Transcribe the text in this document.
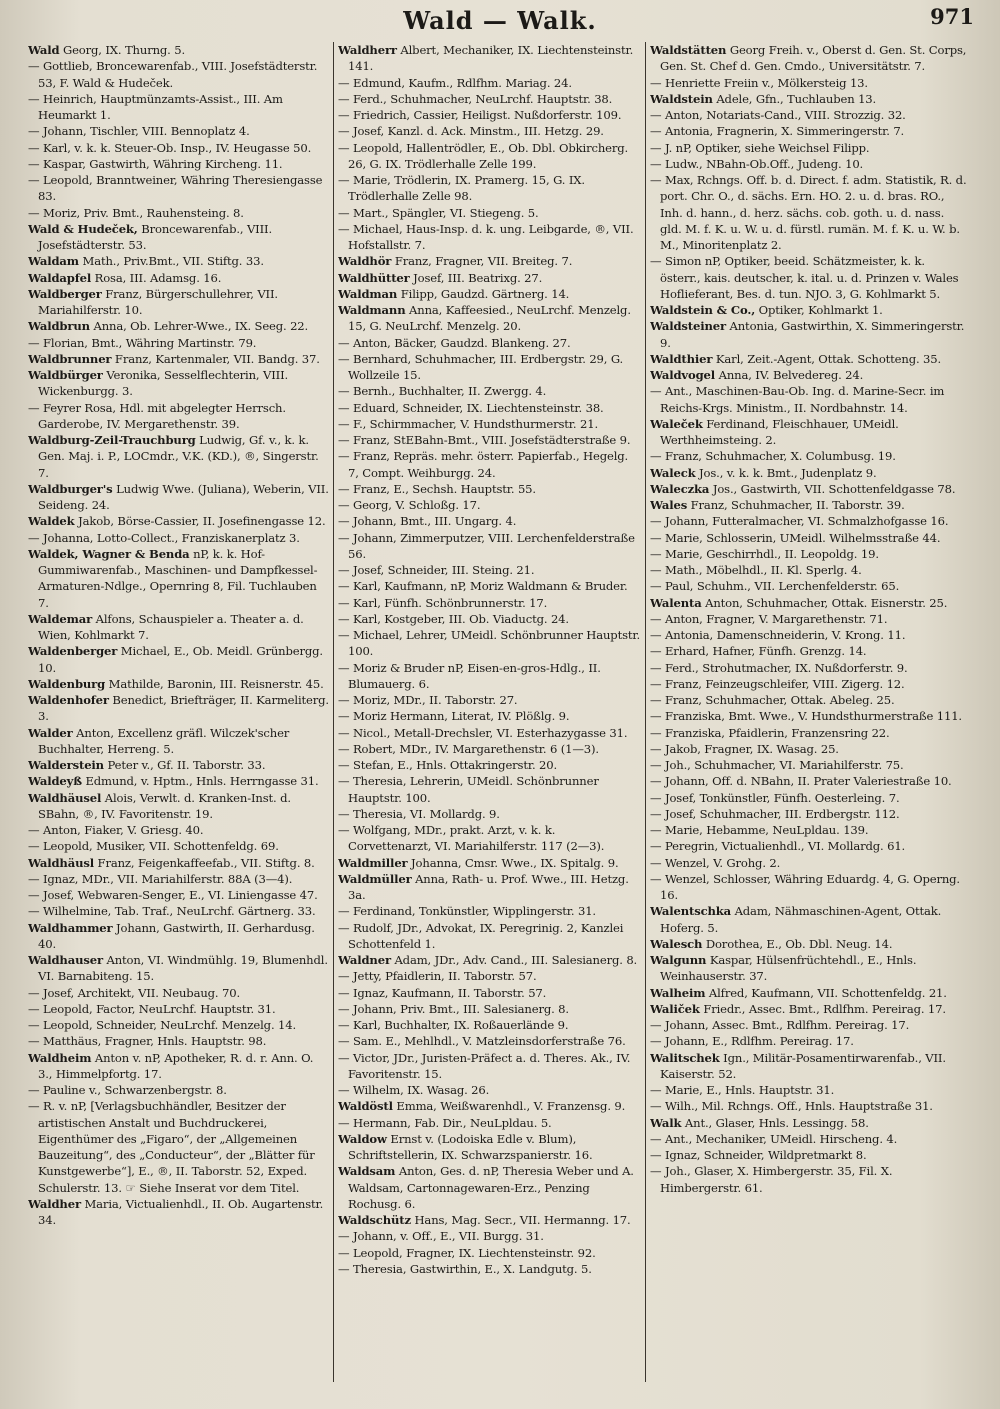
Wald — Walk.	971
Wald Georg, IX. Thurng. 5.
— Gottlieb, Broncewarenfab., VIII. Josefstädterstr. 53, F. Wald & Hudeček.
— Heinrich, Hauptmünzamts-Assist., III. Am Heumarkt 1.
— Johann, Tischler, VIII. Bennoplatz 4.
— Karl, v. k. k. Steuer-Ob. Insp., IV. Heugasse 50.
— Kaspar, Gastwirth, Währing Kircheng. 11.
— Leopold, Branntweiner, Währing Theresiengasse 83.
— Moriz, Priv. Bmt., Rauhensteing. 8.
Wald & Hudeček, Broncewarenfab., VIII. Josefstädterstr. 53.
Waldam Math., Priv.Bmt., VII. Stiftg. 33.
Waldapfel Rosa, III. Adamsg. 16.
Waldberger Franz, Bürgerschullehrer, VII. Mariahilferstr. 10.
Waldbrun Anna, Ob. Lehrer-Wwe., IX. Seeg. 22.
— Florian, Bmt., Währing Martinstr. 79.
Waldbrunner Franz, Kartenmaler, VII. Bandg. 37.
Waldbürger Veronika, Sesselflechterin, VIII. Wickenburgg. 3.
— Feyrer Rosa, Hdl. mit abgelegter Herrsch. Garderobe, IV. Mergarethenstr. 39.
Waldburg-Zeil-Trauchburg Ludwig, Gf. v., k. k. Gen. Maj. i. P., LOCmdr., V.K. (KD.), ®, Singerstr. 7.
Waldburger's Ludwig Wwe. (Juliana), Weberin, VII. Seideng. 24.
Waldek Jakob, Börse-Cassier, II. Josefinengasse 12.
— Johanna, Lotto-Collect., Franziskanerplatz 3.
Waldek, Wagner & Benda nP, k. k. Hof-Gummiwarenfab., Maschinen- und Dampfkessel-Armaturen-Ndlge., Opernring 8, Fil. Tuchlauben 7.
Waldemar Alfons, Schauspieler a. Theater a. d. Wien, Kohlmarkt 7.
Waldenberger Michael, E., Ob. Meidl. Grünbergg. 10.
Waldenburg Mathilde, Baronin, III. Reisnerstr. 45.
Waldenhofer Benedict, Briefträger, II. Karmeliterg. 3.
Walder Anton, Excellenz gräfl. Wilczek'scher Buchhalter, Herreng. 5.
Walderstein Peter v., Gf. II. Taborstr. 33.
Waldeyß Edmund, v. Hptm., Hnls. Herrngasse 31.
Waldhäusel Alois, Verwlt. d. Kranken-Inst. d. SBahn, ®, IV. Favoritenstr. 19.
— Anton, Fiaker, V. Griesg. 40.
— Leopold, Musiker, VII. Schottenfeldg. 69.
Waldhäusl Franz, Feigenkaffeefab., VII. Stiftg. 8.
— Ignaz, MDr., VII. Mariahilferstr. 88A (3—4).
— Josef, Webwaren-Senger, E., VI. Liniengasse 47.
— Wilhelmine, Tab. Traf., NeuLrchf. Gärtnerg. 33.
Waldhammer Johann, Gastwirth, II. Gerhardusg. 40.
Waldhauser Anton, VI. Windmühlg. 19, Blumenhdl. VI. Barnabiteng. 15.
— Josef, Architekt, VII. Neubaug. 70.
— Leopold, Factor, NeuLrchf. Hauptstr. 31.
— Leopold, Schneider, NeuLrchf. Menzelg. 14.
— Matthäus, Fragner, Hnls. Hauptstr. 98.
Waldheim Anton v. nP, Apotheker, R. d. r. Ann. O. 3., Himmelpfortg. 17.
— Pauline v., Schwarzenbergstr. 8.
— R. v. nP, [Verlagsbuchhändler, Besitzer der artistischen Anstalt und Buchdruckerei, Eigenthümer des „Figaro“, der „Allgemeinen Bauzeitung“, des „Conducteur“, der „Blätter für Kunstgewerbe“], E., ®, II. Taborstr. 52, Exped. Schulerstr. 13. ☞ Siehe Inserat vor dem Titel.
Waldher Maria, Victualienhdl., II. Ob. Augartenstr. 34.
Waldherr Albert, Mechaniker, IX. Liechtensteinstr. 141.
— Edmund, Kaufm., Rdlfhm. Mariag. 24.
— Ferd., Schuhmacher, NeuLrchf. Hauptstr. 38.
— Friedrich, Cassier, Heiligst. Nußdorferstr. 109.
— Josef, Kanzl. d. Ack. Minstm., III. Hetzg. 29.
— Leopold, Hallentrödler, E., Ob. Dbl. Obkircherg. 26, G. IX. Trödlerhalle Zelle 199.
— Marie, Trödlerin, IX. Pramerg. 15, G. IX. Trödlerhalle Zelle 98.
— Mart., Spängler, VI. Stiegeng. 5.
— Michael, Haus-Insp. d. k. ung. Leibgarde, ®, VII. Hofstallstr. 7.
Waldhör Franz, Fragner, VII. Breiteg. 7.
Waldhütter Josef, III. Beatrixg. 27.
Waldman Filipp, Gaudzd. Gärtnerg. 14.
Waldmann Anna, Kaffeesied., NeuLrchf. Menzelg. 15, G. NeuLrchf. Menzelg. 20.
— Anton, Bäcker, Gaudzd. Blankeng. 27.
— Bernhard, Schuhmacher, III. Erdbergstr. 29, G. Wollzeile 15.
— Bernh., Buchhalter, II. Zwergg. 4.
— Eduard, Schneider, IX. Liechtensteinstr. 38.
— F., Schirmmacher, V. Hundsthurmerstr. 21.
— Franz, StEBahn-Bmt., VIII. Josefstädterstraße 9.
— Franz, Repräs. mehr. österr. Papierfab., Hegelg. 7, Compt. Weihburgg. 24.
— Franz, E., Sechsh. Hauptstr. 55.
— Georg, V. Schloßg. 17.
— Johann, Bmt., III. Ungarg. 4.
— Johann, Zimmerputzer, VIII. Lerchenfelderstraße 56.
— Josef, Schneider, III. Steing. 21.
— Karl, Kaufmann, nP, Moriz Waldmann & Bruder.
— Karl, Fünfh. Schönbrunnerstr. 17.
— Karl, Kostgeber, III. Ob. Viaductg. 24.
— Michael, Lehrer, UMeidl. Schönbrunner Hauptstr. 100.
— Moriz & Bruder nP, Eisen-en-gros-Hdlg., II. Blumauerg. 6.
— Moriz, MDr., II. Taborstr. 27.
— Moriz Hermann, Literat, IV. Plößlg. 9.
— Nicol., Metall-Drechsler, VI. Esterhazygasse 31.
— Robert, MDr., IV. Margarethenstr. 6 (1—3).
— Stefan, E., Hnls. Ottakringerstr. 20.
— Theresia, Lehrerin, UMeidl. Schönbrunner Hauptstr. 100.
— Theresia, VI. Mollardg. 9.
— Wolfgang, MDr., prakt. Arzt, v. k. k. Corvettenarzt, VI. Mariahilferstr. 117 (2—3).
Waldmiller Johanna, Cmsr. Wwe., IX. Spitalg. 9.
Waldmüller Anna, Rath- u. Prof. Wwe., III. Hetzg. 3a.
— Ferdinand, Tonkünstler, Wipplingerstr. 31.
— Rudolf, JDr., Advokat, IX. Peregrinig. 2, Kanzlei Schottenfeld 1.
Waldner Adam, JDr., Adv. Cand., III. Salesianerg. 8.
— Jetty, Pfaidlerin, II. Taborstr. 57.
— Ignaz, Kaufmann, II. Taborstr. 57.
— Johann, Priv. Bmt., III. Salesianerg. 8.
— Karl, Buchhalter, IX. Roßauerlände 9.
— Sam. E., Mehlhdl., V. Matzleinsdorferstraße 76.
— Victor, JDr., Juristen-Präfect a. d. Theres. Ak., IV. Favoritenstr. 15.
— Wilhelm, IX. Wasag. 26.
Waldöstl Emma, Weißwarenhdl., V. Franzensg. 9.
— Hermann, Fab. Dir., NeuLpldau. 5.
Waldow Ernst v. (Lodoiska Edle v. Blum), Schriftstellerin, IX. Schwarzspanierstr. 16.
Waldsam Anton, Ges. d. nP, Theresia Weber und A. Waldsam, Cartonnagewaren-Erz., Penzing Rochusg. 6.
Waldschütz Hans, Mag. Secr., VII. Hermanng. 17.
— Johann, v. Off., E., VII. Burgg. 31.
— Leopold, Fragner, IX. Liechtensteinstr. 92.
— Theresia, Gastwirthin, E., X. Landgutg. 5.
Waldstätten Georg Freih. v., Oberst d. Gen. St. Corps, Gen. St. Chef d. Gen. Cmdo., Universitätstr. 7.
— Henriette Freiin v., Mölkersteig 13.
Waldstein Adele, Gfn., Tuchlauben 13.
— Anton, Notariats-Cand., VIII. Strozzig. 32.
— Antonia, Fragnerin, X. Simmeringerstr. 7.
— J. nP, Optiker, siehe Weichsel Filipp.
— Ludw., NBahn-Ob.Off., Judeng. 10.
— Max, Rchngs. Off. b. d. Direct. f. adm. Statistik, R. d. port. Chr. O., d. sächs. Ern. HO. 2. u. d. bras. RO., Inh. d. hann., d. herz. sächs. cob. goth. u. d. nass. gld. M. f. K. u. W. u. d. fürstl. rumän. M. f. K. u. W. b. M., Minoritenplatz 2.
— Simon nP, Optiker, beeid. Schätzmeister, k. k. österr., kais. deutscher, k. ital. u. d. Prinzen v. Wales Hoflieferant, Bes. d. tun. NJO. 3, G. Kohlmarkt 5.
Waldstein & Co., Optiker, Kohlmarkt 1.
Waldsteiner Antonia, Gastwirthin, X. Simmeringerstr. 9.
Waldthier Karl, Zeit.-Agent, Ottak. Schotteng. 35.
Waldvogel Anna, IV. Belvedereg. 24.
— Ant., Maschinen-Bau-Ob. Ing. d. Marine-Secr. im Reichs-Krgs. Ministm., II. Nordbahnstr. 14.
Waleček Ferdinand, Fleischhauer, UMeidl. Werthheimsteing. 2.
— Franz, Schuhmacher, X. Columbusg. 19.
Waleck Jos., v. k. k. Bmt., Judenplatz 9.
Waleczka Jos., Gastwirth, VII. Schottenfeldgasse 78.
Wales Franz, Schuhmacher, II. Taborstr. 39.
— Johann, Futteralmacher, VI. Schmalzhofgasse 16.
— Marie, Schlosserin, UMeidl. Wilhelmsstraße 44.
— Marie, Geschirrhdl., II. Leopoldg. 19.
— Math., Möbelhdl., II. Kl. Sperlg. 4.
— Paul, Schuhm., VII. Lerchenfelderstr. 65.
Walenta Anton, Schuhmacher, Ottak. Eisnerstr. 25.
— Anton, Fragner, V. Margarethenstr. 71.
— Antonia, Damenschneiderin, V. Krong. 11.
— Erhard, Hafner, Fünfh. Grenzg. 14.
— Ferd., Strohutmacher, IX. Nußdorferstr. 9.
— Franz, Feinzeugschleifer, VIII. Zigerg. 12.
— Franz, Schuhmacher, Ottak. Abeleg. 25.
— Franziska, Bmt. Wwe., V. Hundsthurmerstraße 111.
— Franziska, Pfaidlerin, Franzensring 22.
— Jakob, Fragner, IX. Wasag. 25.
— Joh., Schuhmacher, VI. Mariahilferstr. 75.
— Johann, Off. d. NBahn, II. Prater Valeriestraße 10.
— Josef, Tonkünstler, Fünfh. Oesterleing. 7.
— Josef, Schuhmacher, III. Erdbergstr. 112.
— Marie, Hebamme, NeuLpldau. 139.
— Peregrin, Victualienhdl., VI. Mollardg. 61.
— Wenzel, V. Grohg. 2.
— Wenzel, Schlosser, Währing Eduardg. 4, G. Operng. 16.
Walentschka Adam, Nähmaschinen-Agent, Ottak. Hoferg. 5.
Walesch Dorothea, E., Ob. Dbl. Neug. 14.
Walgunn Kaspar, Hülsenfrüchtehdl., E., Hnls. Weinhauserstr. 37.
Walheim Alfred, Kaufmann, VII. Schottenfeldg. 21.
Waliček Friedr., Assec. Bmt., Rdlfhm. Pereirag. 17.
— Johann, Assec. Bmt., Rdlfhm. Pereirag. 17.
— Johann, E., Rdlfhm. Pereirag. 17.
Walitschek Ign., Militär-Posamentirwarenfab., VII. Kaiserstr. 52.
— Marie, E., Hnls. Hauptstr. 31.
— Wilh., Mil. Rchngs. Off., Hnls. Hauptstraße 31.
Walk Ant., Glaser, Hnls. Lessingg. 58.
— Ant., Mechaniker, UMeidl. Hirscheng. 4.
— Ignaz, Schneider, Wildpretmarkt 8.
— Joh., Glaser, X. Himbergerstr. 35, Fil. X. Himbergerstr. 61.
